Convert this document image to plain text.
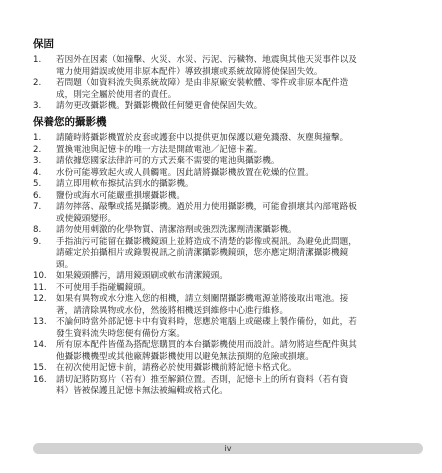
保固
1.	若因外在因素（如撞擊、火災、水災、污泥、污穢物、地震與其他天災事件以及
電力使用錯誤或使用非原本配件）導致損壞或系統故障將使保固失效。
2.	若問題（如資料流失與系統故障）是由非原廠安裝軟體、零件或非原本配件造
成，則完全屬於使用者的責任。
3.	請勿更改攝影機。對攝影機做任何變更會使保固失效。
保養您的攝影機
1.	請隨時將攝影機置於皮套或護套中以提供更加保護以避免濺潑、灰塵與撞擊。
2.	置換電池與記憶卡的唯一方法是開啟電池／記憶卡蓋。
3.	請依據您國家法律許可的方式丟棄不需要的電池與攝影機。
4.	水份可能導致起火或人員觸電。因此請將攝影機放置在乾燥的位置。
5.	請立即用軟布擦拭沾到水的攝影機。
6.	鹽份或海水可能嚴重損壞攝影機。
7.	請勿摔落、敲擊或搖晃攝影機。過於用力使用攝影機，可能會損壞其內部電路板
或使鏡頭變形。
8.	請勿使用刺激的化學物質、清潔溶劑或強烈洗潔劑清潔攝影機。
9.	手指油污可能留在攝影機鏡頭上並將造成不清楚的影像或視訊。為避免此問題，
請確定於拍攝相片或錄製視訊之前清潔攝影機鏡頭，您亦應定期清潔攝影機鏡
頭。
10.	如果鏡頭髒污，請用鏡頭刷或軟布清潔鏡頭。
11.	不可使用手指碰觸鏡頭。
12.	如果有異物或水分進入您的相機，請立刻關閉攝影機電源並將後取出電池。接
著，請清除異物或水份，然後將相機送到維修中心進行維修。
13.	不論何時當外部記憶卡中有資料時，您應於電腦上或磁碟上製作備份，如此，若
發生資料流失時您便有備份方案。
14.	所有原本配件皆僅為搭配您購買的本台攝影機使用而設計。請勿將這些配件與其
他攝影機機型或其他廠牌攝影機使用以避免無法預期的危險或損壞。
15.	在初次使用記憶卡前，請務必於使用攝影機前將記憶卡格式化。
16.	請切記將防寫片（若有）推至解鎖位置。否則，記憶卡上的所有資料（若有資
料）皆被保護且記憶卡無法被編輯或格式化。
iv
